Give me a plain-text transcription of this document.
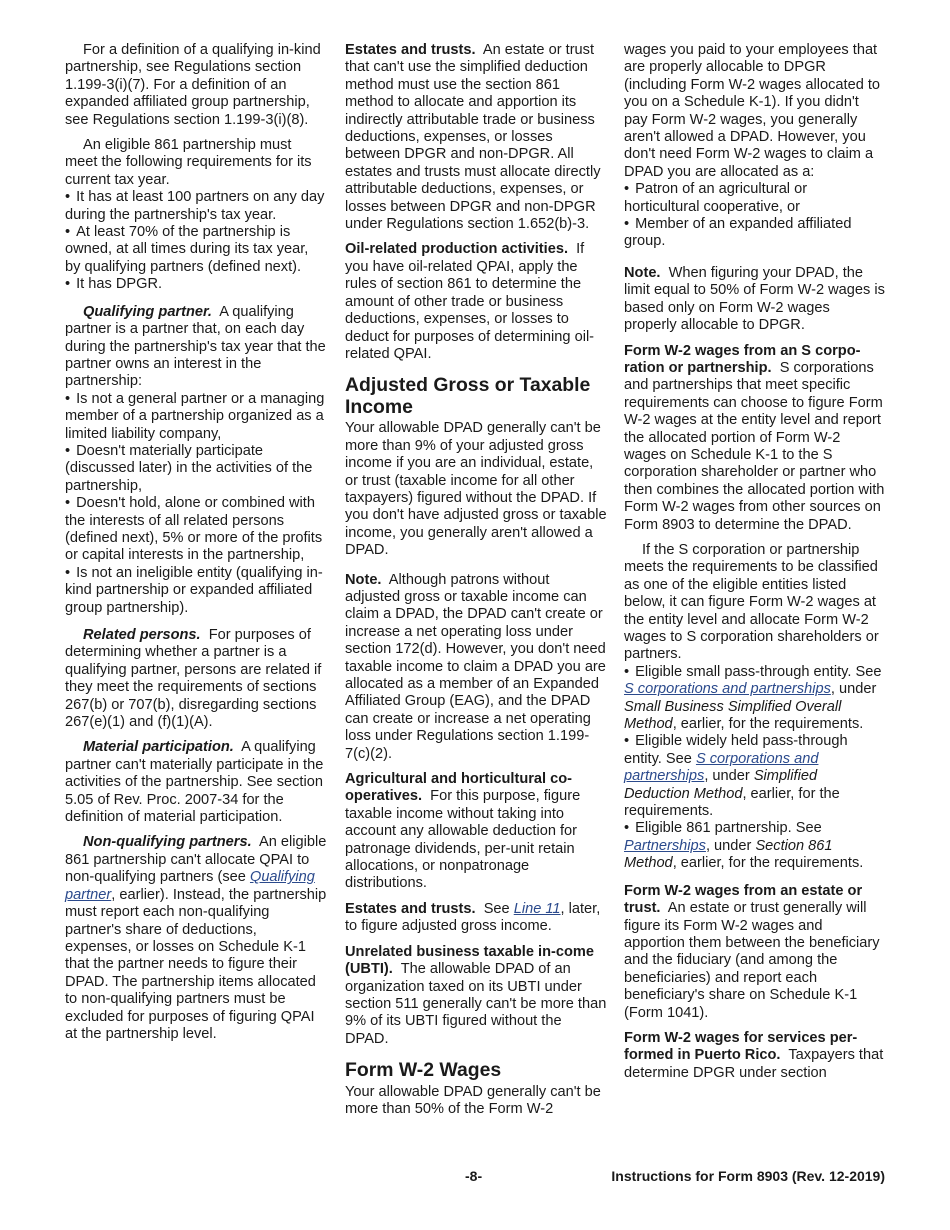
For a definition of a qualifying in-kind partnership, see Regulations section 1.199-3(i)(7). For a definition of an expanded affiliated group partnership, see Regulations section 1.199-3(i)(8).

An eligible 861 partnership must meet the following requirements for its current tax year.

• It has at least 100 partners on any day during the partnership's tax year.
• At least 70% of the partnership is owned, at all times during its tax year, by qualifying partners (defined next).
• It has DPGR.

Qualifying partner. A qualifying partner is a partner that, on each day during the partnership's tax year that the partner owns an interest in the partnership:

• Is not a general partner or a managing member of a partnership organized as a limited liability company,
• Doesn't materially participate (discussed later) in the activities of the partnership,
• Doesn't hold, alone or combined with the interests of all related persons (defined next), 5% or more of the profits or capital interests in the partnership,
• Is not an ineligible entity (qualifying in-kind partnership or expanded affiliated group partnership).

Related persons. For purposes of determining whether a partner is a qualifying partner, persons are related if they meet the requirements of sections 267(b) or 707(b), disregarding sections 267(e)(1) and (f)(1)(A).

Material participation. A qualifying partner can't materially participate in the activities of the partnership. See section 5.05 of Rev. Proc. 2007-34 for the definition of material participation.

Non-qualifying partners. An eligible 861 partnership can't allocate QPAI to non-qualifying partners (see Qualifying partner, earlier). Instead, the partnership must report each non-qualifying partner's share of deductions, expenses, or losses on Schedule K-1 that the partner needs to figure their DPAD. The partnership items allocated to non-qualifying partners must be excluded for purposes of figuring QPAI at the partnership level.

Estates and trusts. An estate or trust that can't use the simplified deduction method must use the section 861 method to allocate and apportion its indirectly attributable trade or business deductions, expenses, or losses between DPGR and non-DPGR. All estates and trusts must allocate directly attributable deductions, expenses, or losses between DPGR and non-DPGR under Regulations section 1.652(b)-3.

Oil-related production activities. If you have oil-related QPAI, apply the rules of section 861 to determine the amount of other trade or business deductions, expenses, or losses to deduct for purposes of determining oil-related QPAI.

Adjusted Gross or Taxable Income

Your allowable DPAD generally can't be more than 9% of your adjusted gross income if you are an individual, estate, or trust (taxable income for all other taxpayers) figured without the DPAD. If you don't have adjusted gross or taxable income, you generally aren't allowed a DPAD.

Note. Although patrons without adjusted gross or taxable income can claim a DPAD, the DPAD can't create or increase a net operating loss under section 172(d). However, you don't need taxable income to claim a DPAD you are allocated as a member of an Expanded Affiliated Group (EAG), and the DPAD can create or increase a net operating loss under Regulations section 1.199-7(c)(2).

Agricultural and horticultural co-operatives. For this purpose, figure taxable income without taking into account any allowable deduction for patronage dividends, per-unit retain allocations, or nonpatronage distributions.

Estates and trusts. See Line 11, later, to figure adjusted gross income.

Unrelated business taxable in-come (UBTI). The allowable DPAD of an organization taxed on its UBTI under section 511 generally can't be more than 9% of its UBTI figured without the DPAD.

Form W-2 Wages

Your allowable DPAD generally can't be more than 50% of the Form W-2

wages you paid to your employees that are properly allocable to DPGR (including Form W-2 wages allocated to you on a Schedule K-1). If you didn't pay Form W-2 wages, you generally aren't allowed a DPAD. However, you don't need Form W-2 wages to claim a DPAD you are allocated as a:

• Patron of an agricultural or horticultural cooperative, or
• Member of an expanded affiliated group.

Note. When figuring your DPAD, the limit equal to 50% of Form W-2 wages is based only on Form W-2 wages properly allocable to DPGR.

Form W-2 wages from an S corpo-ration or partnership. S corporations and partnerships that meet specific requirements can choose to figure Form W-2 wages at the entity level and report the allocated portion of Form W-2 wages on Schedule K-1 to the S corporation shareholder or partner who then combines the allocated portion with Form W-2 wages from other sources on Form 8903 to determine the DPAD.

If the S corporation or partnership meets the requirements to be classified as one of the eligible entities listed below, it can figure Form W-2 wages at the entity level and allocate Form W-2 wages to S corporation shareholders or partners.

• Eligible small pass-through entity. See S corporations and partnerships, under Small Business Simplified Overall Method, earlier, for the requirements.
• Eligible widely held pass-through entity. See S corporations and partnerships, under Simplified Deduction Method, earlier, for the requirements.
• Eligible 861 partnership. See Partnerships, under Section 861 Method, earlier, for the requirements.

Form W-2 wages from an estate or trust. An estate or trust generally will figure its Form W-2 wages and apportion them between the beneficiary and the fiduciary (and among the beneficiaries) and report each beneficiary's share on Schedule K-1 (Form 1041).

Form W-2 wages for services per-formed in Puerto Rico. Taxpayers that determine DPGR under section

-8-	Instructions for Form 8903 (Rev. 12-2019)
